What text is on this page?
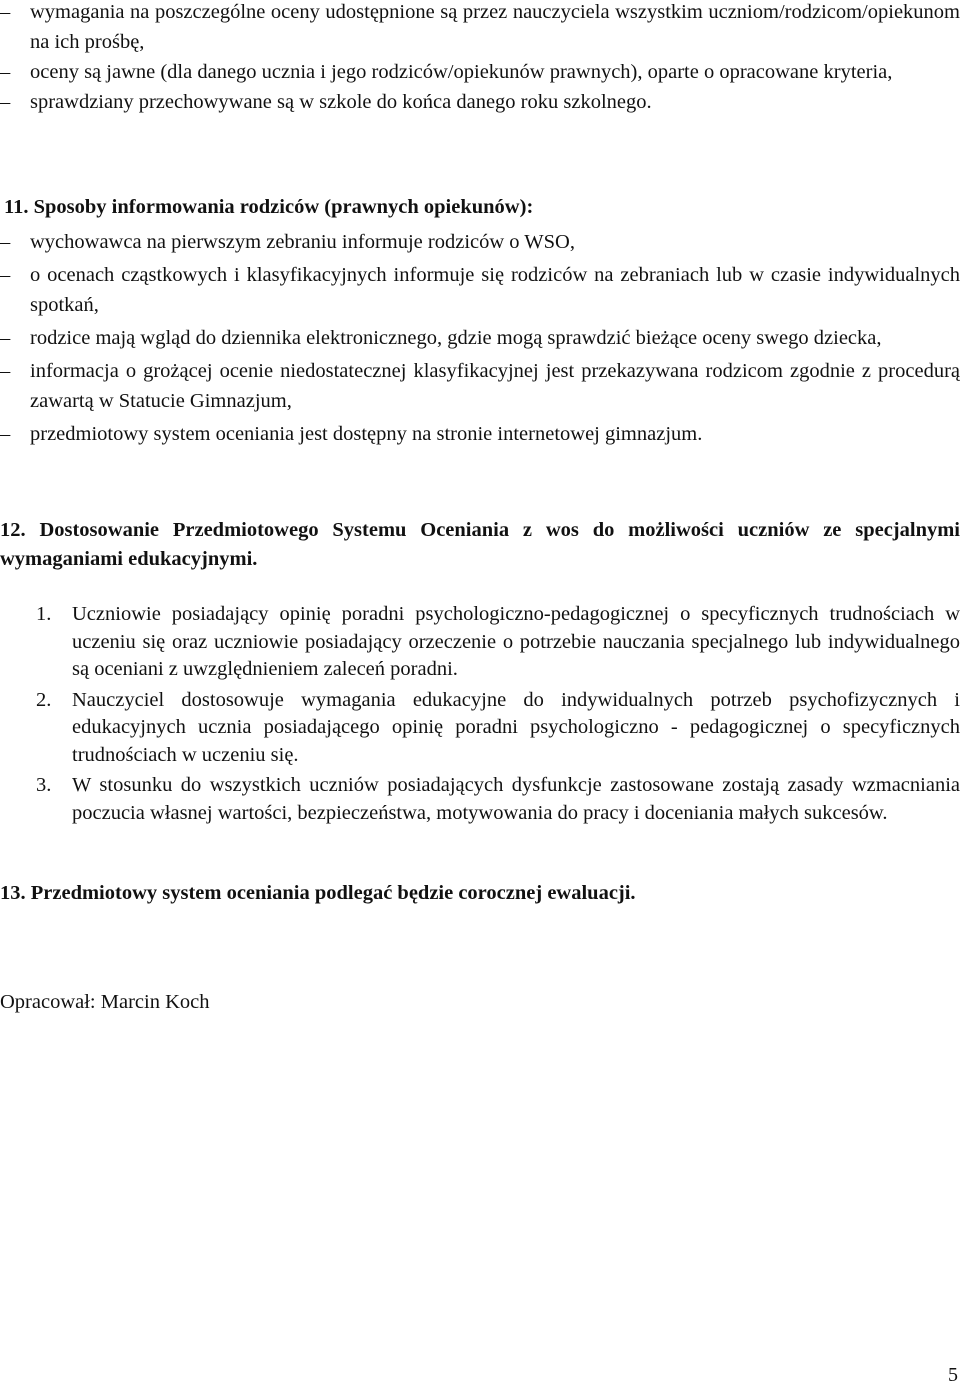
– wymagania na poszczególne oceny udostępnione są przez nauczyciela wszystkim uczniom/rodzicom/opiekunom na ich prośbę,
– oceny są jawne (dla danego ucznia i jego rodziców/opiekunów prawnych), oparte o opracowane kryteria,
– sprawdziany przechowywane są w szkole do końca danego roku szkolnego.

11. Sposoby informowania rodziców (prawnych opiekunów):

– wychowawca na pierwszym zebraniu informuje rodziców o WSO,
– o ocenach cząstkowych i klasyfikacyjnych informuje się rodziców na zebraniach lub w czasie indywidualnych spotkań,
– rodzice mają wgląd do dziennika elektronicznego, gdzie mogą sprawdzić bieżące oceny swego dziecka,
– informacja o grożącej ocenie niedostatecznej klasyfikacyjnej jest przekazywana rodzicom zgodnie z procedurą zawartą w Statucie Gimnazjum,
– przedmiotowy system oceniania jest dostępny na stronie internetowej gimnazjum.

12. Dostosowanie Przedmiotowego Systemu Oceniania z wos do możliwości uczniów ze specjalnymi wymaganiami edukacyjnymi.

1. Uczniowie posiadający opinię poradni psychologiczno-pedagogicznej o specyficznych trudnościach w uczeniu się oraz uczniowie posiadający orzeczenie o potrzebie nauczania specjalnego lub indywidualnego są oceniani z uwzględnieniem zaleceń poradni.
2. Nauczyciel dostosowuje wymagania edukacyjne do indywidualnych potrzeb psychofizycznych i edukacyjnych ucznia posiadającego opinię poradni psychologiczno - pedagogicznej o specyficznych trudnościach w uczeniu się.
3. W stosunku do wszystkich uczniów posiadających dysfunkcje zastosowane zostają zasady wzmacniania poczucia własnej wartości, bezpieczeństwa, motywowania do pracy i doceniania małych sukcesów.

13. Przedmiotowy system oceniania podlegać będzie corocznej ewaluacji.

Opracował: Marcin Koch
5
